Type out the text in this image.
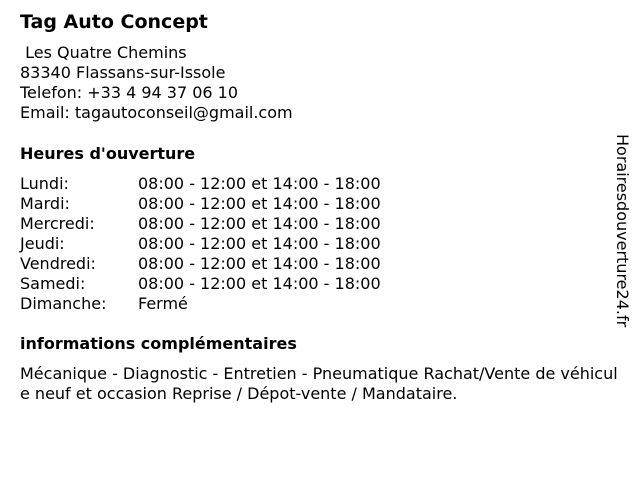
Tag Auto Concept
Les Quatre Chemins
83340 Flassans-sur-Issole
Telefon: +33 4 94 37 06 10
Email: tagautoconseil@gmail.com
Heures d'ouverture
Lundi:	08:00 - 12:00 et 14:00 - 18:00
Mardi:	08:00 - 12:00 et 14:00 - 18:00
Mercredi:	08:00 - 12:00 et 14:00 - 18:00
Jeudi:	08:00 - 12:00 et 14:00 - 18:00
Vendredi:	08:00 - 12:00 et 14:00 - 18:00
Samedi:	08:00 - 12:00 et 14:00 - 18:00
Dimanche:	Fermé
informations complémentaires
Mécanique - Diagnostic - Entretien - Pneumatique Rachat/Vente de véhicule neuf et occasion Reprise / Dépot-vente / Mandataire.
Horairesdouverture24.fr
